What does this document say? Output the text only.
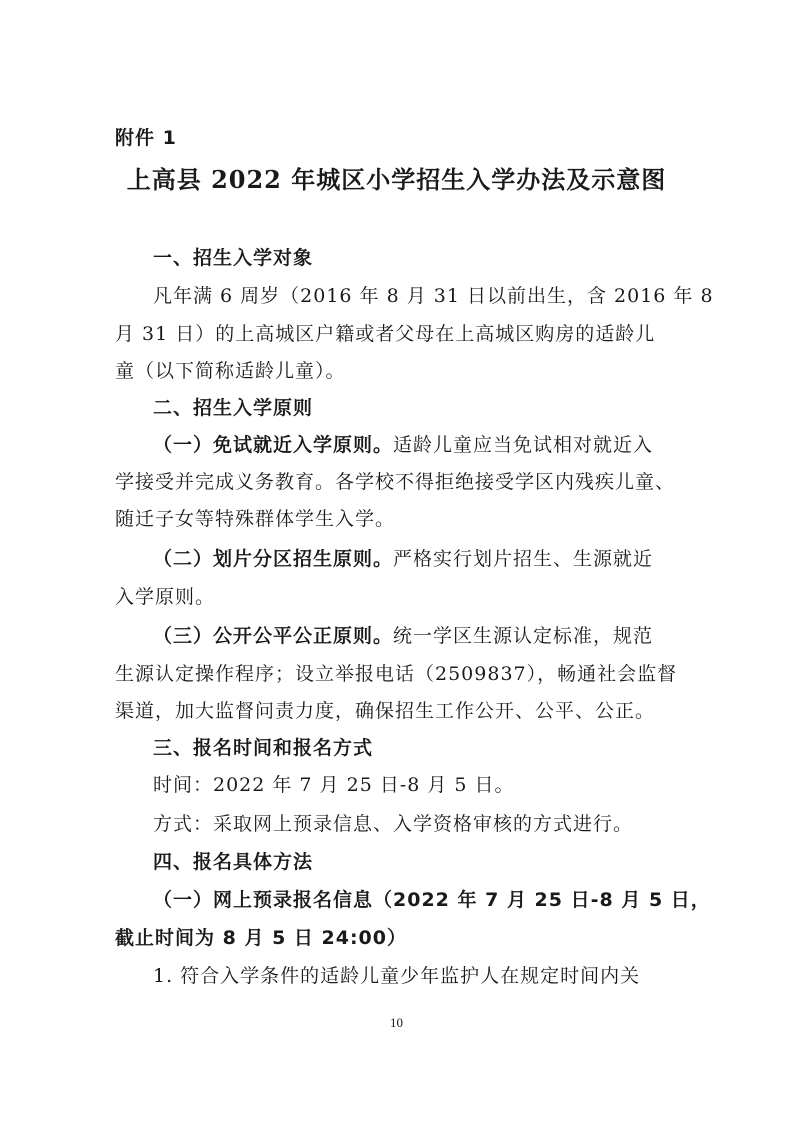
附件 1
上高县 2022 年城区小学招生入学办法及示意图
一、招生入学对象
凡年满 6 周岁（2016 年 8 月 31 日以前出生，含 2016 年 8
月 31 日）的上高城区户籍或者父母在上高城区购房的适龄儿
童（以下简称适龄儿童）。
二、招生入学原则
（一）免试就近入学原则。适龄儿童应当免试相对就近入
学接受并完成义务教育。各学校不得拒绝接受学区内残疾儿童、
随迁子女等特殊群体学生入学。
（二）划片分区招生原则。严格实行划片招生、生源就近
入学原则。
（三）公开公平公正原则。统一学区生源认定标准，规范
生源认定操作程序；设立举报电话（2509837），畅通社会监督
渠道，加大监督问责力度，确保招生工作公开、公平、公正。
三、报名时间和报名方式
时间：2022 年 7 月 25 日-8 月 5 日。
方式：采取网上预录信息、入学资格审核的方式进行。
四、报名具体方法
（一）网上预录报名信息（2022 年 7 月 25 日-8 月 5 日，
截止时间为 8 月 5 日 24:00）
1. 符合入学条件的适龄儿童少年监护人在规定时间内关
10
